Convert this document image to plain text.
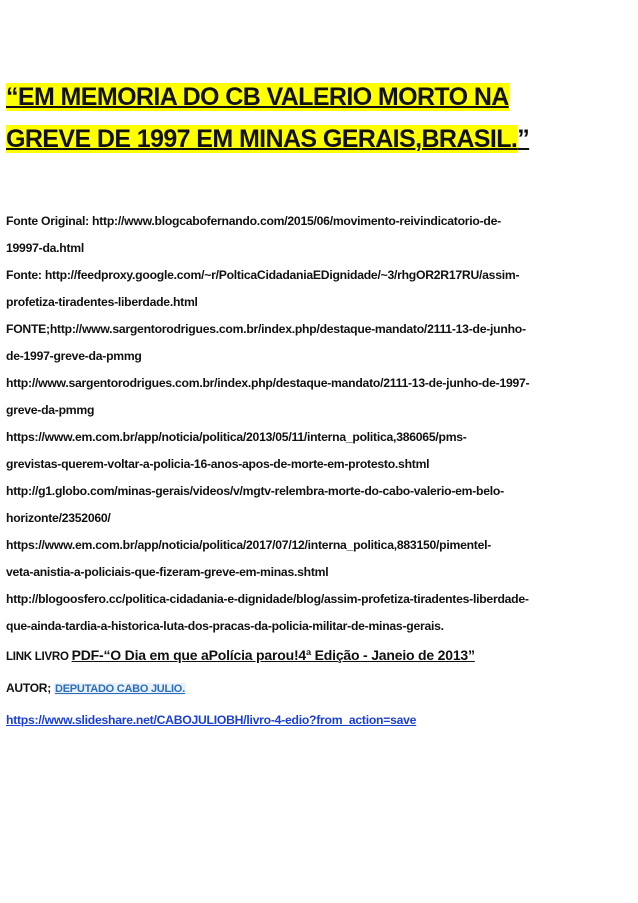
“EM MEMORIA DO CB VALERIO MORTO NA
GREVE DE 1997 EM MINAS GERAIS,BRASIL.”
Fonte Original: http://www.blogcabofernando.com/2015/06/movimento-reivindicatorio-de-
19997-da.html
Fonte: http://feedproxy.google.com/~r/PolticaCidadaniaEDignidade/~3/rhgOR2R17RU/assim-
profetiza-tiradentes-liberdade.html
FONTE;http://www.sargentorodrigues.com.br/index.php/destaque-mandato/2111-13-de-junho-
de-1997-greve-da-pmmg
http://www.sargentorodrigues.com.br/index.php/destaque-mandato/2111-13-de-junho-de-1997-
greve-da-pmmg
https://www.em.com.br/app/noticia/politica/2013/05/11/interna_politica,386065/pms-
grevistas-querem-voltar-a-policia-16-anos-apos-de-morte-em-protesto.shtml
http://g1.globo.com/minas-gerais/videos/v/mgtv-relembra-morte-do-cabo-valerio-em-belo-
horizonte/2352060/
https://www.em.com.br/app/noticia/politica/2017/07/12/interna_politica,883150/pimentel-
veta-anistia-a-policiais-que-fizeram-greve-em-minas.shtml
http://blogoosfero.cc/politica-cidadania-e-dignidade/blog/assim-profetiza-tiradentes-liberdade-
que-ainda-tardia-a-historica-luta-dos-pracas-da-policia-militar-de-minas-gerais.
LINK LIVRO PDF-“O Dia em que aPolícia parou!4ª Edição - Janeio de 2013”
AUTOR; DEPUTADO CABO JULIO.
https://www.slideshare.net/CABOJULIOBH/livro-4-edio?from_action=save
